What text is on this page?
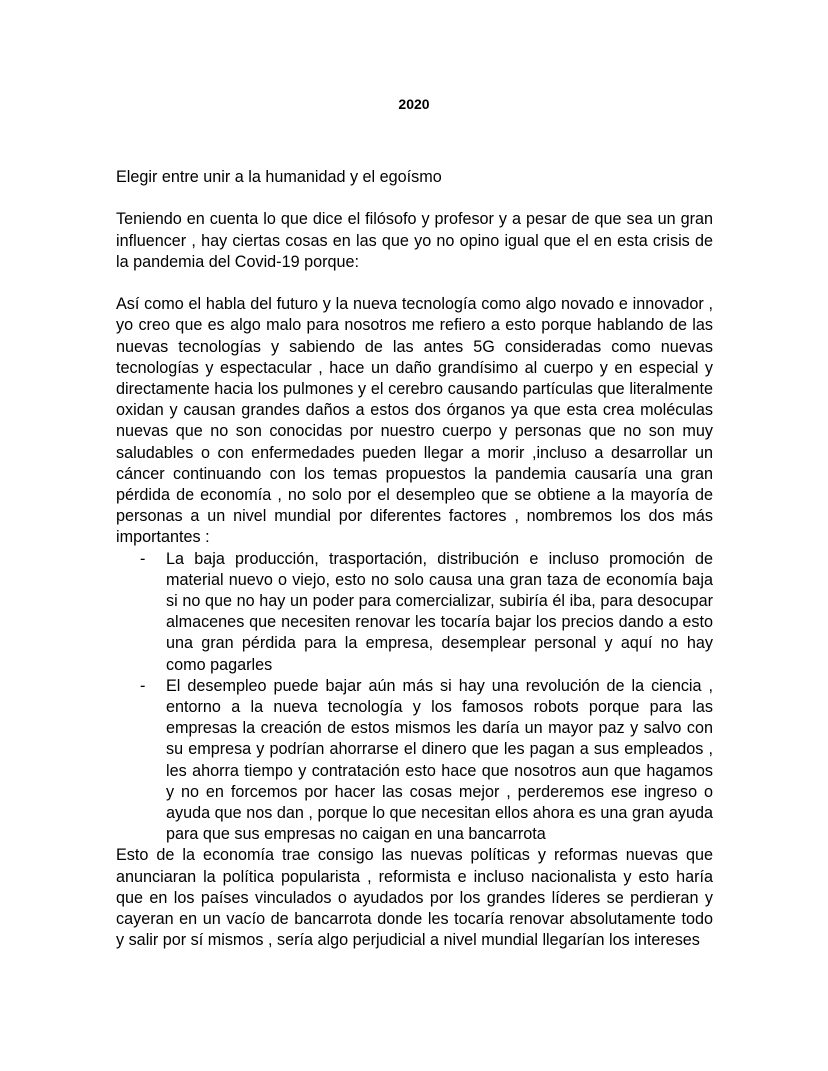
2020

Elegir entre unir a la humanidad y el egoísmo

Teniendo en cuenta lo que dice el filósofo y profesor y a pesar de que sea un gran influencer , hay ciertas cosas en las que yo no opino igual que el en esta crisis de la pandemia del Covid-19 porque:

Así como el habla del futuro y la nueva tecnología como algo novado e innovador , yo creo que es algo malo para nosotros me refiero a esto porque hablando de las nuevas tecnologías y sabiendo de las antes 5G consideradas como nuevas tecnologías y espectacular , hace un daño grandísimo al cuerpo y en especial y directamente hacia los pulmones y el cerebro causando partículas que literalmente oxidan y causan grandes daños a estos dos órganos ya que esta crea moléculas nuevas que no son conocidas por nuestro cuerpo y personas que no son muy saludables o con enfermedades pueden llegar a morir ,incluso a desarrollar un cáncer continuando con los temas propuestos la pandemia causaría una gran pérdida de economía , no solo por el desempleo que se obtiene a la mayoría de personas a un nivel mundial por diferentes factores , nombremos los dos más importantes :

- La baja producción, trasportación, distribución e incluso promoción de material nuevo o viejo, esto no solo causa una gran taza de economía baja si no que no hay un poder para comercializar, subiría él iba, para desocupar almacenes que necesiten renovar les tocaría bajar los precios dando a esto una gran pérdida para la empresa, desemplear personal y aquí no hay como pagarles
- El desempleo puede bajar aún más si hay una revolución de la ciencia , entorno a la nueva tecnología y los famosos robots porque para las empresas la creación de estos mismos les daría un mayor paz y salvo con su empresa y podrían ahorrarse el dinero que les pagan a sus empleados , les ahorra tiempo y contratación esto hace que nosotros aun que hagamos y no en forcemos por hacer las cosas mejor , perderemos ese ingreso o ayuda que nos dan , porque lo que necesitan ellos ahora es una gran ayuda para que sus empresas no caigan en una bancarrota

Esto de la economía trae consigo las nuevas políticas y reformas nuevas que anunciaran la política popularista , reformista e incluso nacionalista y esto haría que en los países vinculados o ayudados por los grandes líderes se perdieran y cayeran en un vacío de bancarrota donde les tocaría renovar absolutamente todo y salir por sí mismos , sería algo perjudicial a nivel mundial llegarían los intereses
